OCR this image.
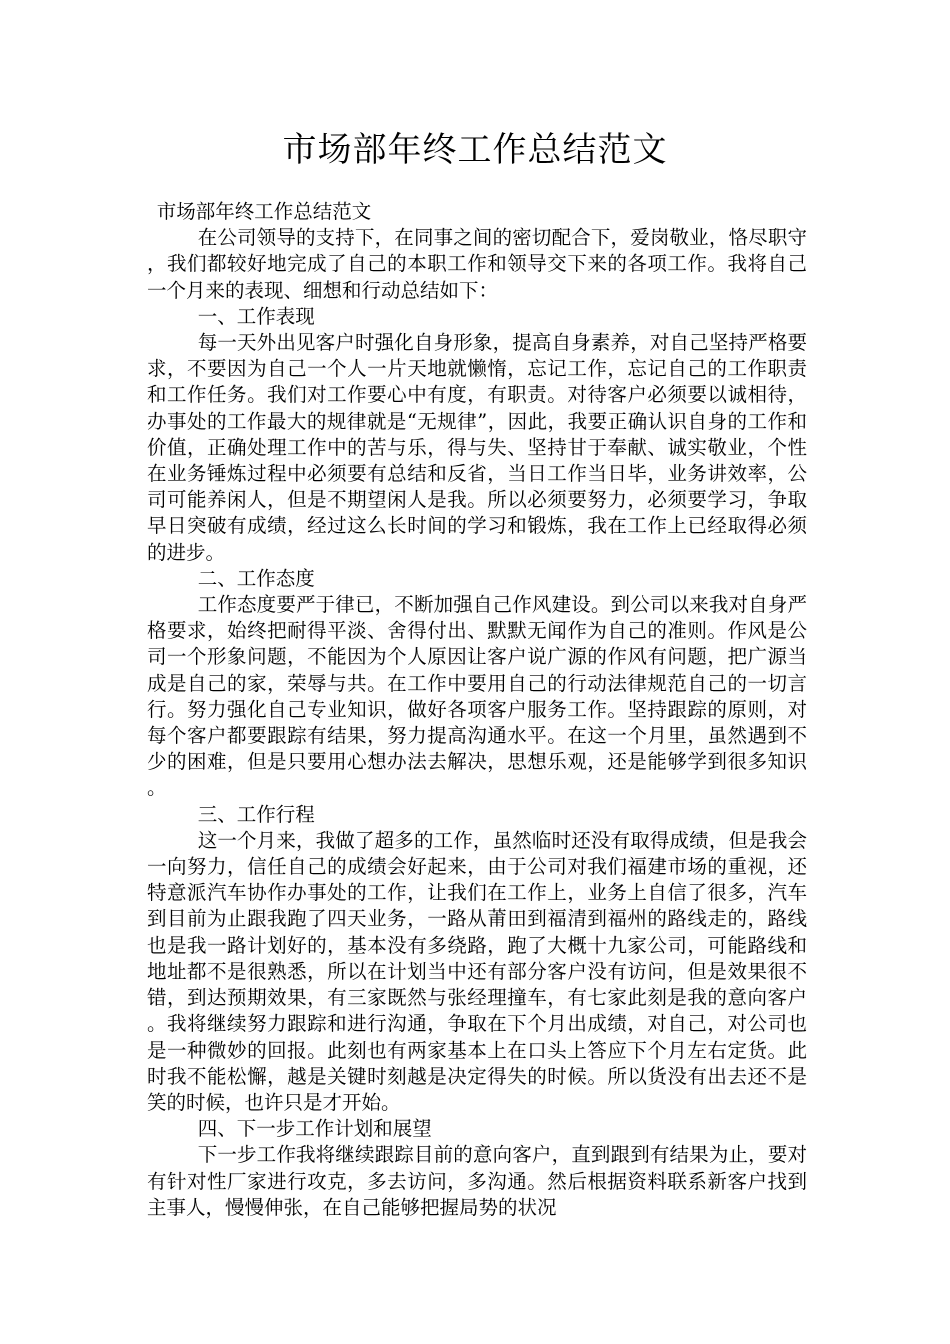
市场部年终工作总结范文

市场部年终工作总结范文

在公司领导的支持下，在同事之间的密切配合下，爱岗敬业，恪尽职守，我们都较好地完成了自己的本职工作和领导交下来的各项工作。我将自己一个月来的表现、细想和行动总结如下：

一、工作表现

每一天外出见客户时强化自身形象，提高自身素养，对自己坚持严格要求，不要因为自己一个人一片天地就懒惰，忘记工作，忘记自己的工作职责和工作任务。我们对工作要心中有度，有职责。对待客户必须要以诚相待，办事处的工作最大的规律就是“无规律”，因此，我要正确认识自身的工作和价值，正确处理工作中的苦与乐，得与失、坚持甘于奉献、诚实敬业，个性在业务锤炼过程中必须要有总结和反省，当日工作当日毕，业务讲效率，公司可能养闲人，但是不期望闲人是我。所以必须要努力，必须要学习，争取早日突破有成绩，经过这么长时间的学习和锻炼，我在工作上已经取得必须的进步。

二、工作态度

工作态度要严于律已，不断加强自己作风建设。到公司以来我对自身严格要求，始终把耐得平淡、舍得付出、默默无闻作为自己的准则。作风是公司一个形象问题，不能因为个人原因让客户说广源的作风有问题，把广源当成是自己的家，荣辱与共。在工作中要用自己的行动法律规范自己的一切言行。努力强化自己专业知识，做好各项客户服务工作。坚持跟踪的原则，对每个客户都要跟踪有结果，努力提高沟通水平。在这一个月里，虽然遇到不少的困难，但是只要用心想办法去解决，思想乐观，还是能够学到很多知识。

三、工作行程

这一个月来，我做了超多的工作，虽然临时还没有取得成绩，但是我会一向努力，信任自己的成绩会好起来，由于公司对我们福建市场的重视，还特意派汽车协作办事处的工作，让我们在工作上，业务上自信了很多，汽车到目前为止跟我跑了四天业务，一路从莆田到福清到福州的路线走的，路线也是我一路计划好的，基本没有多绕路，跑了大概十九家公司，可能路线和地址都不是很熟悉，所以在计划当中还有部分客户没有访问，但是效果很不错，到达预期效果，有三家既然与张经理撞车，有七家此刻是我的意向客户。我将继续努力跟踪和进行沟通，争取在下个月出成绩，对自己，对公司也是一种微妙的回报。此刻也有两家基本上在口头上答应下个月左右定货。此时我不能松懈，越是关键时刻越是决定得失的时候。所以货没有出去还不是笑的时候，也许只是才开始。

四、下一步工作计划和展望

下一步工作我将继续跟踪目前的意向客户，直到跟到有结果为止，要对有针对性厂家进行攻克，多去访问，多沟通。然后根据资料联系新客户找到主事人，慢慢伸张，在自己能够把握局势的状况
